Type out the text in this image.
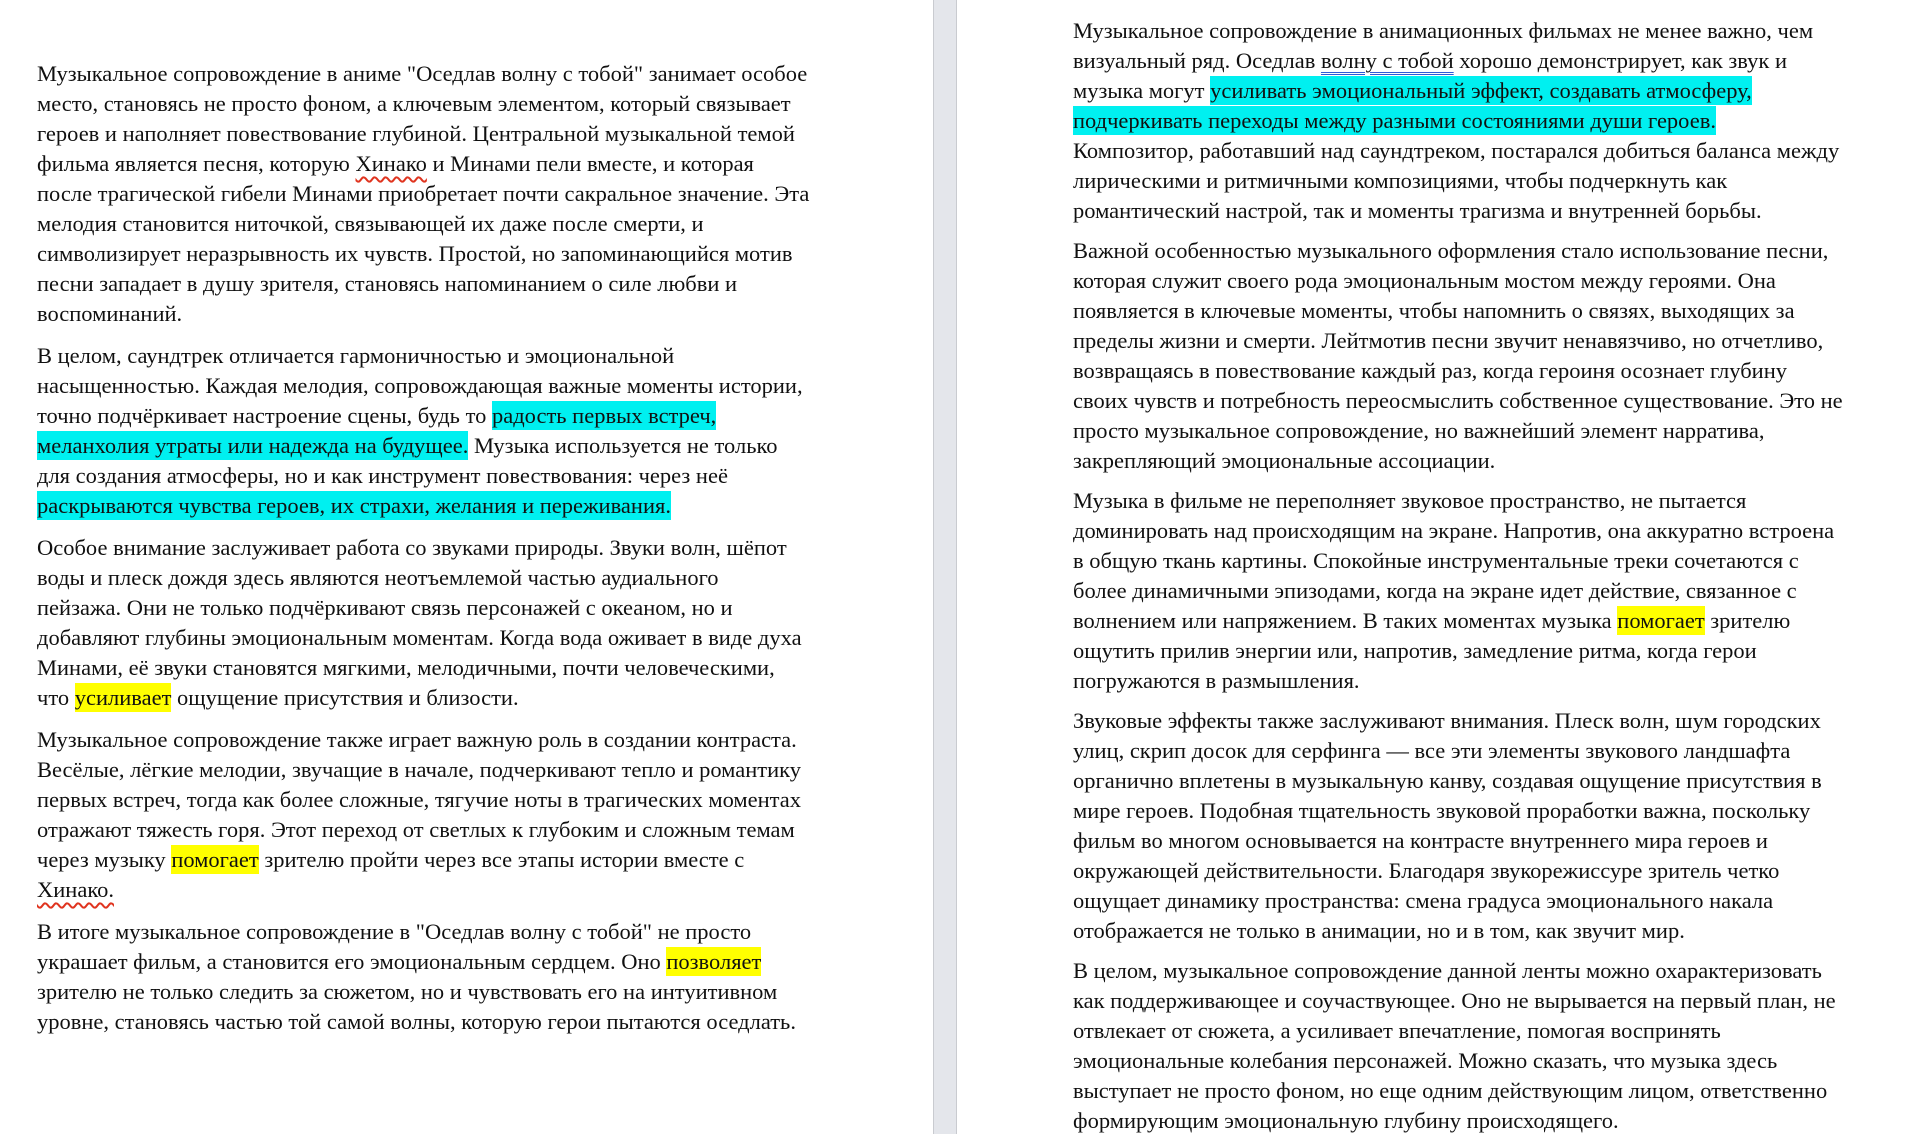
Музыкальное сопровождение в аниме "Оседлав волну с тобой" занимает особое
место, становясь не просто фоном, а ключевым элементом, который связывает
героев и наполняет повествование глубиной. Центральной музыкальной темой
фильма является песня, которую Хинако и Минами пели вместе, и которая
после трагической гибели Минами приобретает почти сакральное значение. Эта
мелодия становится ниточкой, связывающей их даже после смерти, и
символизирует неразрывность их чувств. Простой, но запоминающийся мотив
песни западает в душу зрителя, становясь напоминанием о силе любви и
воспоминаний.
В целом, саундтрек отличается гармоничностью и эмоциональной
насыщенностью. Каждая мелодия, сопровождающая важные моменты истории,
точно подчёркивает настроение сцены, будь то радость первых встреч,
меланхолия утраты или надежда на будущее. Музыка используется не только
для создания атмосферы, но и как инструмент повествования: через неё
раскрываются чувства героев, их страхи, желания и переживания.
Особое внимание заслуживает работа со звуками природы. Звуки волн, шёпот
воды и плеск дождя здесь являются неотъемлемой частью аудиального
пейзажа. Они не только подчёркивают связь персонажей с океаном, но и
добавляют глубины эмоциональным моментам. Когда вода оживает в виде духа
Минами, её звуки становятся мягкими, мелодичными, почти человеческими,
что усиливает ощущение присутствия и близости.
Музыкальное сопровождение также играет важную роль в создании контраста.
Весёлые, лёгкие мелодии, звучащие в начале, подчеркивают тепло и романтику
первых встреч, тогда как более сложные, тягучие ноты в трагических моментах
отражают тяжесть горя. Этот переход от светлых к глубоким и сложным темам
через музыку помогает зрителю пройти через все этапы истории вместе с
Хинако.
В итоге музыкальное сопровождение в "Оседлав волну с тобой" не просто
украшает фильм, а становится его эмоциональным сердцем. Оно позволяет
зрителю не только следить за сюжетом, но и чувствовать его на интуитивном
уровне, становясь частью той самой волны, которую герои пытаются оседлать.
Музыкальное сопровождение в анимационных фильмах не менее важно, чем
визуальный ряд. Оседлав волну с тобой хорошо демонстрирует, как звук и
музыка могут усиливать эмоциональный эффект, создавать атмосферу,
подчеркивать переходы между разными состояниями души героев.
Композитор, работавший над саундтреком, постарался добиться баланса между
лирическими и ритмичными композициями, чтобы подчеркнуть как
романтический настрой, так и моменты трагизма и внутренней борьбы.
Важной особенностью музыкального оформления стало использование песни,
которая служит своего рода эмоциональным мостом между героями. Она
появляется в ключевые моменты, чтобы напомнить о связях, выходящих за
пределы жизни и смерти. Лейтмотив песни звучит ненавязчиво, но отчетливо,
возвращаясь в повествование каждый раз, когда героиня осознает глубину
своих чувств и потребность переосмыслить собственное существование. Это не
просто музыкальное сопровождение, но важнейший элемент нарратива,
закрепляющий эмоциональные ассоциации.
Музыка в фильме не переполняет звуковое пространство, не пытается
доминировать над происходящим на экране. Напротив, она аккуратно встроена
в общую ткань картины. Спокойные инструментальные треки сочетаются с
более динамичными эпизодами, когда на экране идет действие, связанное с
волнением или напряжением. В таких моментах музыка помогает зрителю
ощутить прилив энергии или, напротив, замедление ритма, когда герои
погружаются в размышления.
Звуковые эффекты также заслуживают внимания. Плеск волн, шум городских
улиц, скрип досок для серфинга — все эти элементы звукового ландшафта
органично вплетены в музыкальную канву, создавая ощущение присутствия в
мире героев. Подобная тщательность звуковой проработки важна, поскольку
фильм во многом основывается на контрасте внутреннего мира героев и
окружающей действительности. Благодаря звукорежиссуре зритель четко
ощущает динамику пространства: смена градуса эмоционального накала
отображается не только в анимации, но и в том, как звучит мир.
В целом, музыкальное сопровождение данной ленты можно охарактеризовать
как поддерживающее и соучаствующее. Оно не вырывается на первый план, не
отвлекает от сюжета, а усиливает впечатление, помогая воспринять
эмоциональные колебания персонажей. Можно сказать, что музыка здесь
выступает не просто фоном, но еще одним действующим лицом, ответственно
формирующим эмоциональную глубину происходящего.
